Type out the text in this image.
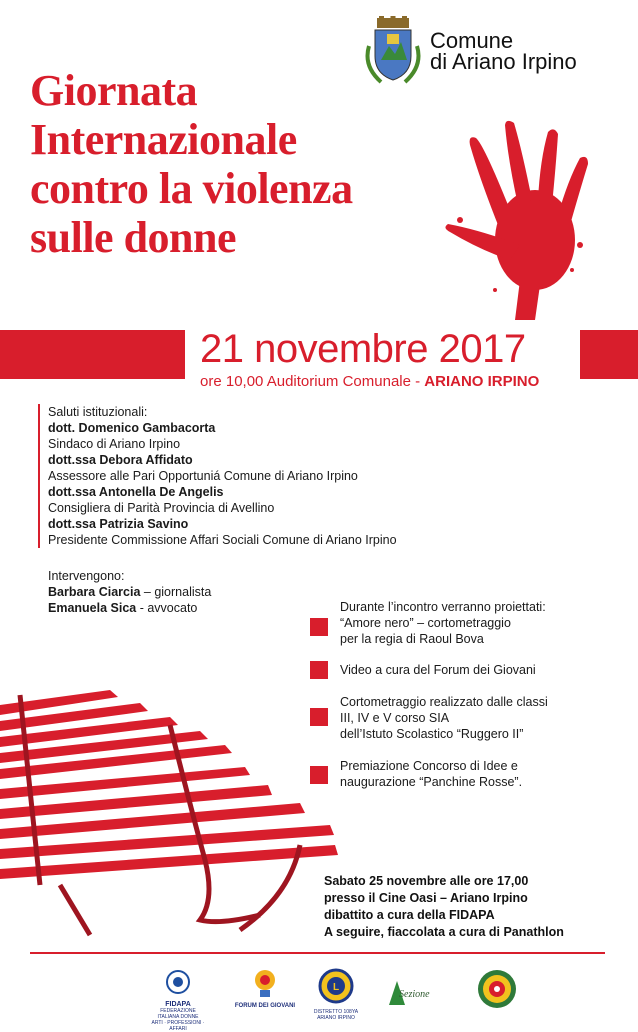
Comune
di Ariano Irpino
Giornata
Internazionale
contro la violenza
sulle donne
21 novembre 2017
ore 10,00 Auditorium Comunale - ARIANO IRPINO
Saluti istituzionali:
dott. Domenico Gambacorta
Sindaco di Ariano Irpino
dott.ssa Debora Affidato
Assessore alle Pari Opportuniá Comune di Ariano Irpino
dott.ssa Antonella De Angelis
Consigliera di Parità Provincia di Avellino
dott.ssa Patrizia Savino
Presidente Commissione Affari Sociali Comune di Ariano Irpino
Intervengono:
Barbara Ciarcia – giornalista
Emanuela Sica - avvocato	Durante l’incontro verranno proiettati:
“Amore nero” – cortometraggio
per la regia di Raoul Bova
Video a cura del Forum dei Giovani
Cortometraggio realizzato dalle classi
III, IV e V corso SIA
dell’Istuto Scolastico “Ruggero II”
Premiazione Concorso di Idee e
naugurazione “Panchine Rosse”.
Sabato 25 novembre alle ore 17,00
presso il Cine Oasi – Ariano Irpino
dibattito a cura della FIDAPA
A seguire, fiaccolata a cura di Panathlon
FIDAPA
FEDERAZIONE ITALIANA DONNE
ARTI · PROFESSIONI · AFFARI
FORUM DEI GIOVANI
L
DISTRETTO 108YA
ARIANO IRPINO
Sezione
